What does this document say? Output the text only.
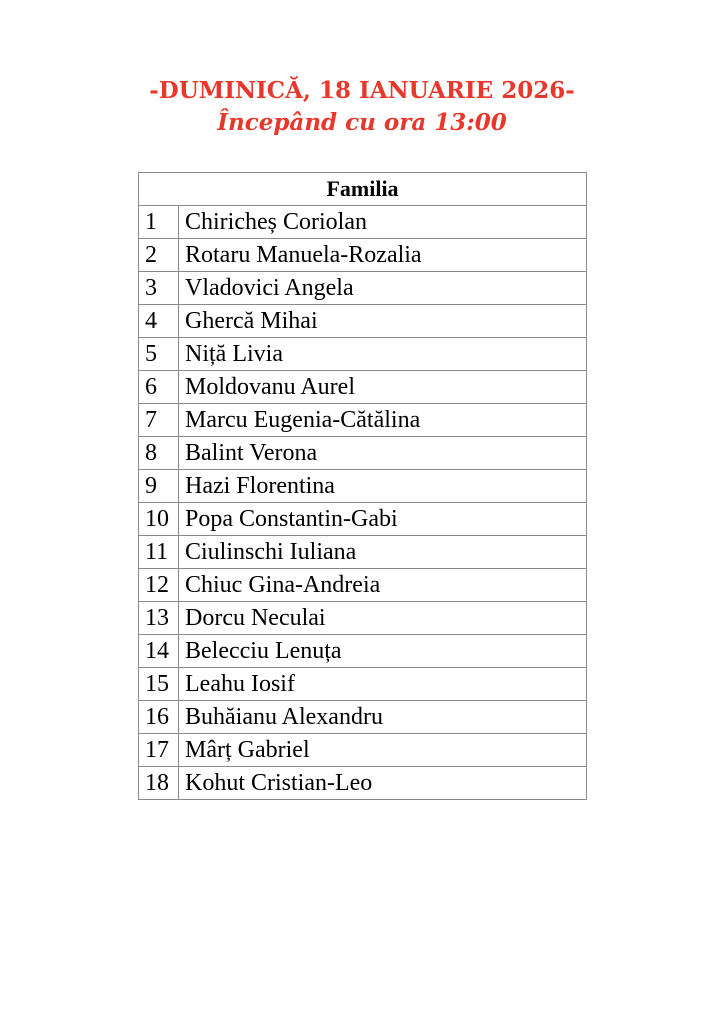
-DUMINICĂ, 18 IANUARIE 2026-
Începând cu ora 13:00
Familia	
1	Chiricheș Coriolan
2	Rotaru Manuela-Rozalia
3	Vladovici Angela
4	Ghercă Mihai
5	Niță Livia
6	Moldovanu Aurel
7	Marcu Eugenia-Cătălina
8	Balint Verona
9	Hazi Florentina
10	Popa Constantin-Gabi
11	Ciulinschi Iuliana
12	Chiuc Gina-Andreia
13	Dorcu Neculai
14	Belecciu Lenuța
15	Leahu Iosif
16	Buhăianu Alexandru
17	Mârț Gabriel
18	Kohut Cristian-Leo
